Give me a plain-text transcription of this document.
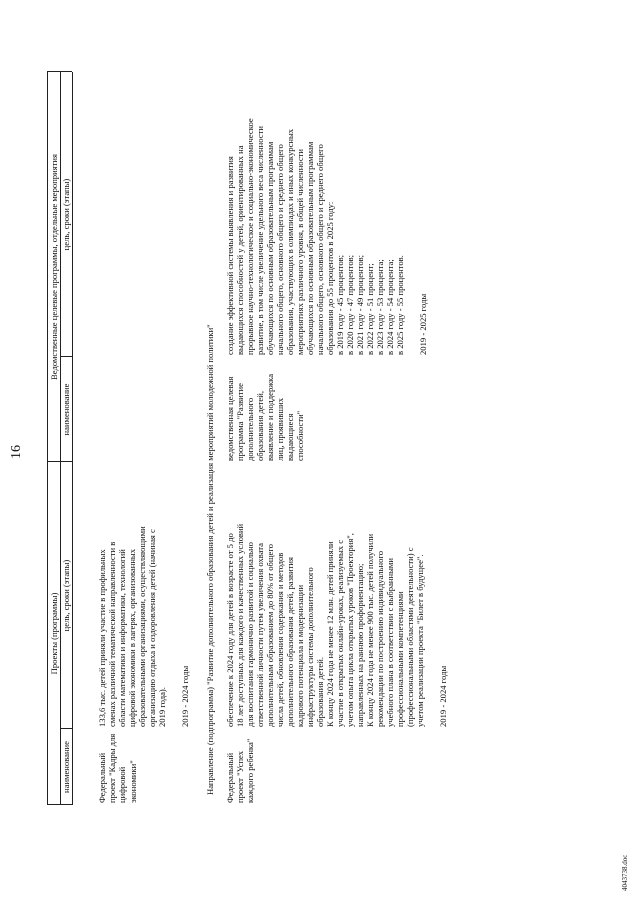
16
Проекты (программы)
Ведомственные целевые программы, отдельные мероприятия
наименование
цель, сроки (этапы)
наименование
цель, сроки (этапы)
Федеральный проект "Кадры для цифровой экономики"
133,6 тыс. детей приняли участие в профильных сменах различной тематической направленности в области математики и информатики, технологий цифровой экономики в лагерях, организованных образовательными организациями, осуществляющими организацию отдыха и оздоровления детей (начиная с 2019 года). 2019 - 2024 годы Направление (подпрограмма) "Развитие дополнительного образования детей и реализация мероприятий молодежной политики" Федеральный проект "Успех каждого ребенка"
обеспечение к 2024 году для детей в возрасте от 5 до 18 лет доступных для каждого и качественных условий для воспитания гармонично развитой и социально ответственной личности путем увеличения охвата дополнительным образованием до 80% от общего числа детей, обновления содержания и методов дополнительного образования детей, развития кадрового потенциала и модернизации инфраструктуры системы дополнительного образования детей. К концу 2024 года не менее 12 млн. детей приняли участие в открытых онлайн-уроках, реализуемых с учетом опыта цикла открытых уроков "Проектория", направленных на раннюю профориентацию; К концу 2024 года не менее 900 тыс. детей получили рекомендации по построению индивидуального учебного плана в соответствии с выбранными профессиональными компетенциями (профессиональными областями деятельности) с учетом реализации проекта "Билет в будущее". 2019 - 2024 годы
ведомственная целевая программа "Развитие дополнительного образования детей, выявление и поддержка лиц, проявивших выдающиеся способности"
создание эффективной системы выявления и развития выдающихся способностей у детей, ориентированных на прорывное научно-технологическое и социально-экономическое развитие, в том числе увеличение удельного веса численности обучающихся по основным образовательным программам начального общего, основного общего и среднего общего образования, участвующих в олимпиадах и иных конкурсных мероприятиях различного уровня, в общей численности обучающихся по основным образовательным программам начального общего, основного общего и среднего общего образования до 55 процентов в 2025 году: в 2019 году - 45 процентов; в 2020 году - 47 процентов; в 2021 году - 49 процентов; в 2022 году - 51 процент; в 2023 году - 53 процента; в 2024 году - 54 процента; в 2025 году - 55 процентов. 2019 - 2025 годы
4043738.doc
